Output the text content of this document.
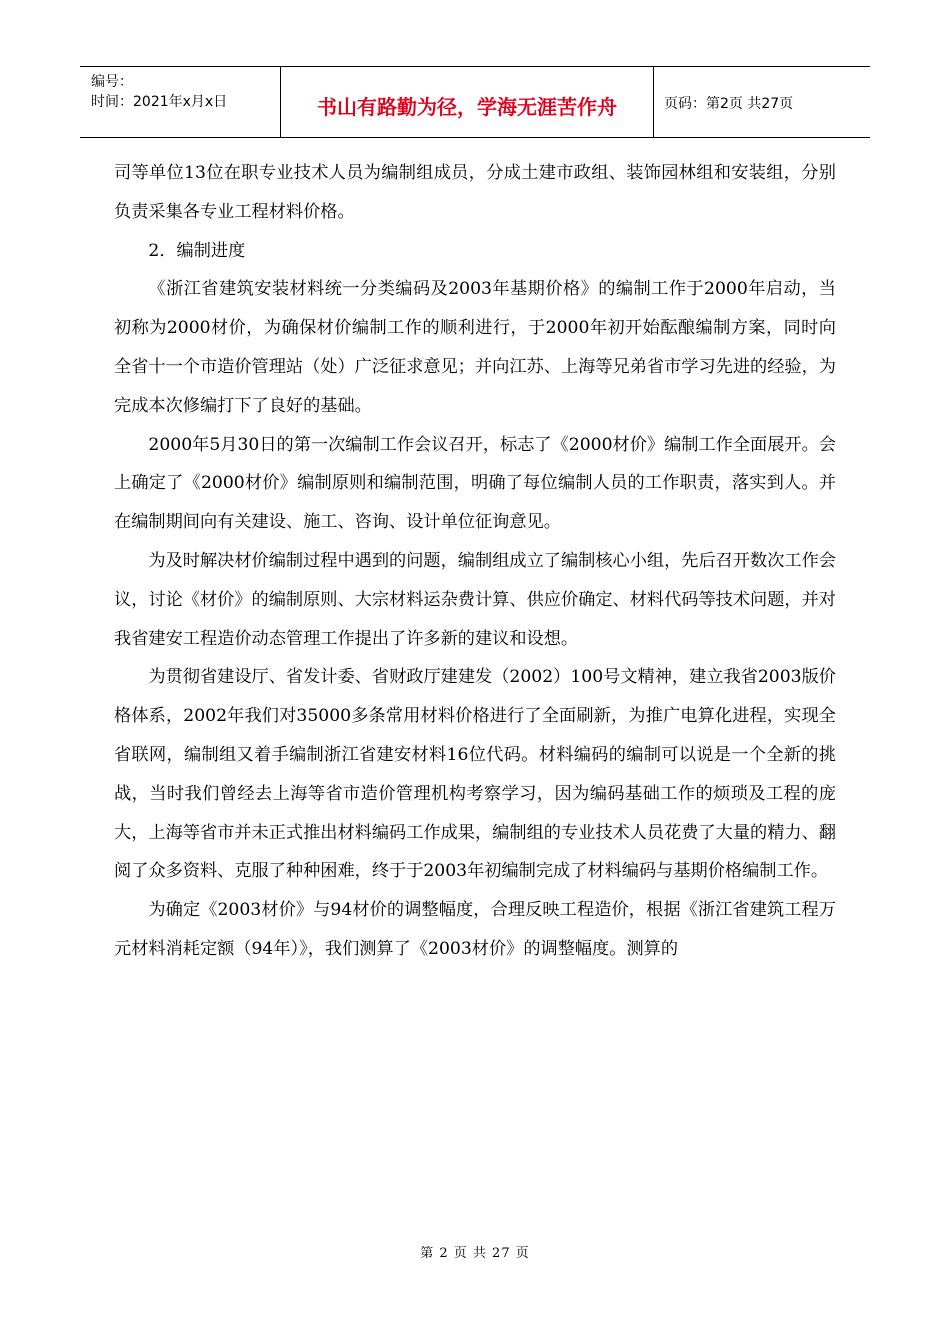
编号：
时间：2021年x月x日	书山有路勤为径，学海无涯苦作舟	页码：第2页 共27页

司等单位13位在职专业技术人员为编制组成员，分成土建市政组、装饰园林组和安装组，分别负责采集各专业工程材料价格。

2．编制进度

《浙江省建筑安装材料统一分类编码及2003年基期价格》的编制工作于2000年启动，当初称为2000材价，为确保材价编制工作的顺利进行，于2000年初开始酝酿编制方案，同时向全省十一个市造价管理站（处）广泛征求意见；并向江苏、上海等兄弟省市学习先进的经验，为完成本次修编打下了良好的基础。

2000年5月30日的第一次编制工作会议召开，标志了《2000材价》编制工作全面展开。会上确定了《2000材价》编制原则和编制范围，明确了每位编制人员的工作职责，落实到人。并在编制期间向有关建设、施工、咨询、设计单位征询意见。

为及时解决材价编制过程中遇到的问题，编制组成立了编制核心小组，先后召开数次工作会议，讨论《材价》的编制原则、大宗材料运杂费计算、供应价确定、材料代码等技术问题，并对我省建安工程造价动态管理工作提出了许多新的建议和设想。

为贯彻省建设厅、省发计委、省财政厅建建发（2002）100号文精神，建立我省2003版价格体系，2002年我们对35000多条常用材料价格进行了全面刷新，为推广电算化进程，实现全省联网，编制组又着手编制浙江省建安材料16位代码。材料编码的编制可以说是一个全新的挑战，当时我们曾经去上海等省市造价管理机构考察学习，因为编码基础工作的烦琐及工程的庞大，上海等省市并未正式推出材料编码工作成果，编制组的专业技术人员花费了大量的精力、翻阅了众多资料、克服了种种困难，终于于2003年初编制完成了材料编码与基期价格编制工作。

为确定《2003材价》与94材价的调整幅度，合理反映工程造价，根据《浙江省建筑工程万元材料消耗定额（94年）》，我们测算了《2003材价》的调整幅度。测算的

第 2 页 共 27 页
